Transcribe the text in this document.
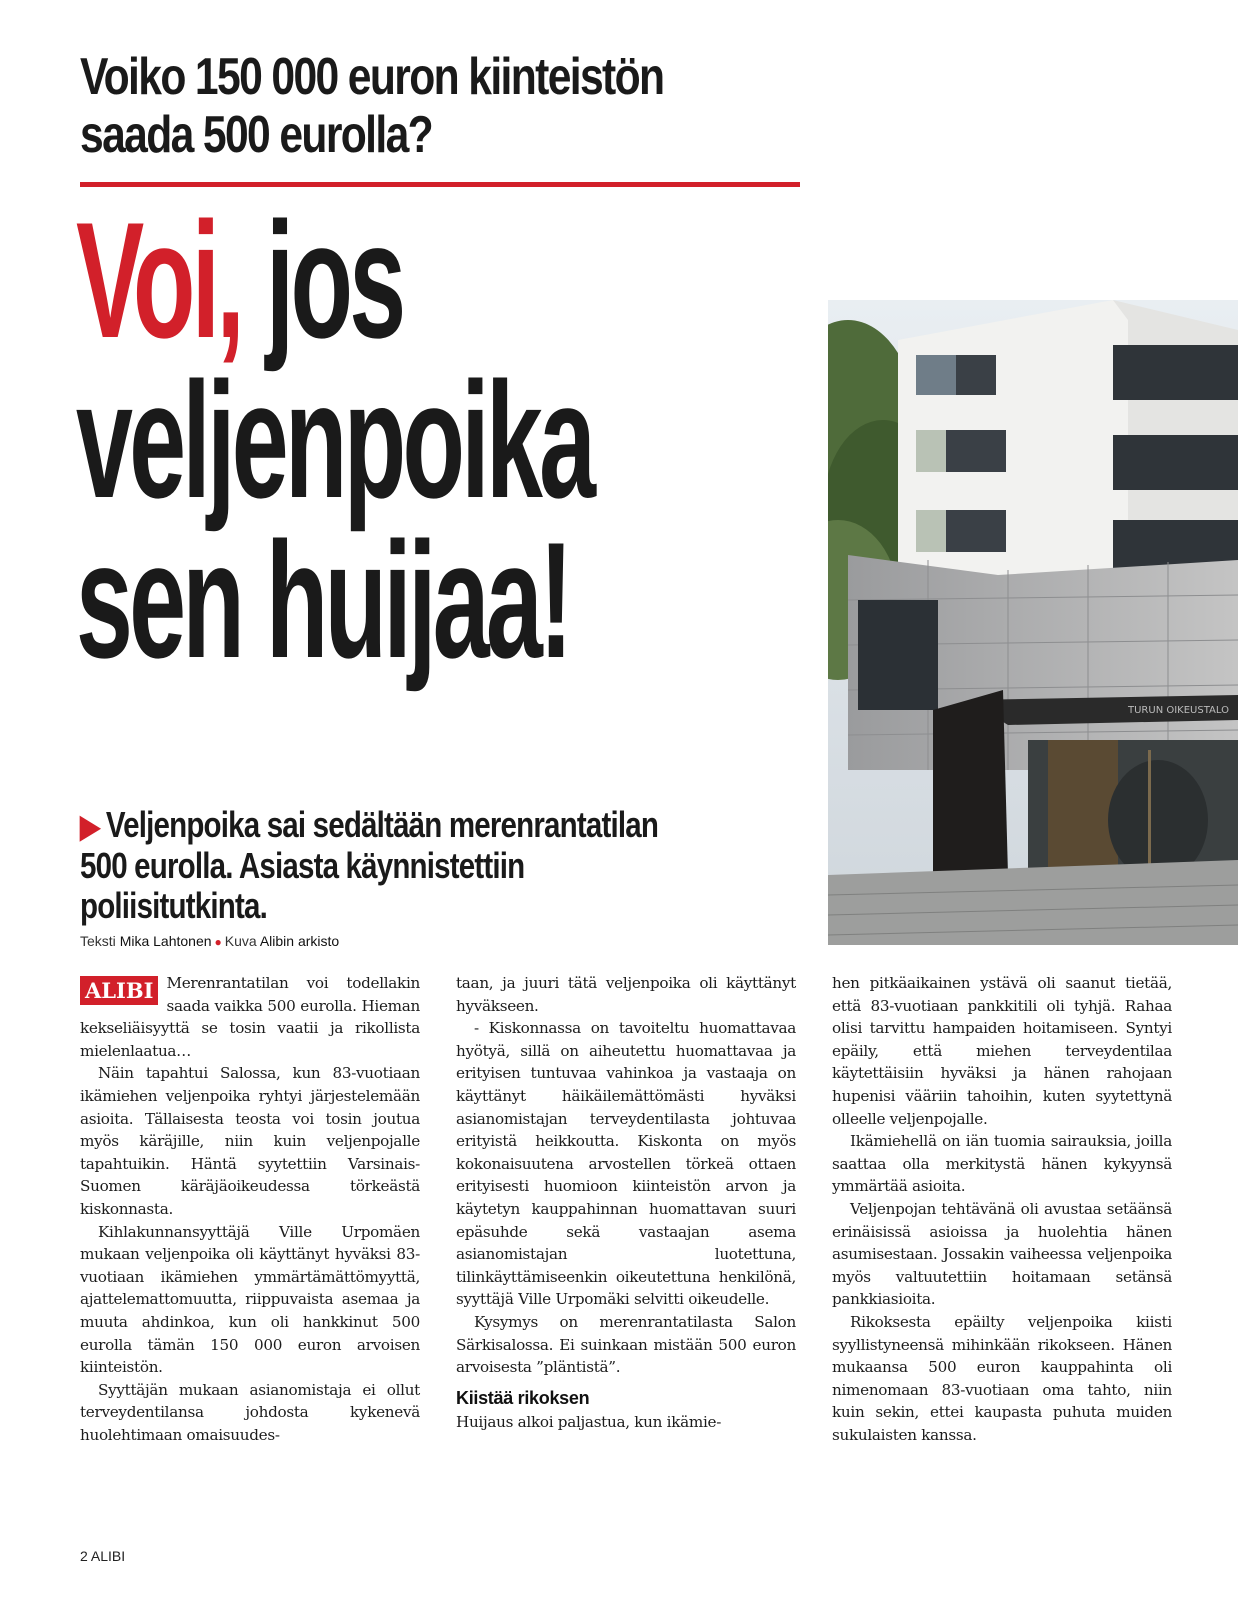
Voiko 150 000 euron kiinteistön
saada 500 eurolla?
Voi, jos
veljenpoika
sen huijaa!
TURUN OIKEUSTALO
▶ Veljenpoika sai sedältään merenrantatilan
500 eurolla. Asiasta käynnistettiin
poliisitutkinta.
Teksti Mika Lahtonen ● Kuva Alibin arkisto

ALIBI Merenrantatilan voi todellakin saada vaikka 500 eurolla. Hieman kekseliäisyyttä se tosin vaatii ja rikollista mielenlaatua…

Näin tapahtui Salossa, kun 83-vuotiaan ikämiehen veljenpoika ryhtyi järjestelemään asioita. Tällaisesta teosta voi tosin joutua myös käräjille, niin kuin veljenpojalle tapahtuikin. Häntä syytettiin Varsinais-Suomen käräjäoikeudessa törkeästä kiskonnasta.

Kihlakunnansyyttäjä Ville Urpomäen mukaan veljenpoika oli käyttänyt hyväksi 83-vuotiaan ikämiehen ymmärtämättömyyttä, ajattelemattomuutta, riippuvaista asemaa ja muuta ahdinkoa, kun oli hankkinut 500 eurolla tämän 150 000 euron arvoisen kiinteistön.

Syyttäjän mukaan asianomistaja ei ollut terveydentilansa johdosta kykenevä huolehtimaan omaisuudes-

taan, ja juuri tätä veljenpoika oli käyttänyt hyväkseen.

- Kiskonnassa on tavoiteltu huomattavaa hyötyä, sillä on aiheutettu huomattavaa ja erityisen tuntuvaa vahinkoa ja vastaaja on käyttänyt häikäilemättömästi hyväksi asianomistajan terveydentilasta johtuvaa erityistä heikkoutta. Kiskonta on myös kokonaisuutena arvostellen törkeä ottaen erityisesti huomioon kiinteistön arvon ja käytetyn kauppahinnan huomattavan suuri epäsuhde sekä vastaajan asema asianomistajan luotettuna, tilinkäyttämiseenkin oikeutettuna henkilönä, syyttäjä Ville Urpomäki selvitti oikeudelle.

Kysymys on merenrantatilasta Salon Särkisalossa. Ei suinkaan mistään 500 euron arvoisesta ”pläntistä”.

Kiistää rikoksen

Huijaus alkoi paljastua, kun ikämie-

hen pitkäaikainen ystävä oli saanut tietää, että 83-vuotiaan pankkitili oli tyhjä. Rahaa olisi tarvittu hampaiden hoitamiseen. Syntyi epäily, että miehen terveydentilaa käytettäisiin hyväksi ja hänen rahojaan hupenisi vääriin tahoihin, kuten syytettynä olleelle veljenpojalle.

Ikämiehellä on iän tuomia sairauksia, joilla saattaa olla merkitystä hänen kykyynsä ymmärtää asioita.

Veljenpojan tehtävänä oli avustaa setäänsä erinäisissä asioissa ja huolehtia hänen asumisestaan. Jossakin vaiheessa veljenpoika myös valtuutettiin hoitamaan setänsä pankkiasioita.

Rikoksesta epäilty veljenpoika kiisti syyllistyneensä mihinkään rikokseen. Hänen mukaansa 500 euron kauppahinta oli nimenomaan 83-vuotiaan oma tahto, niin kuin sekin, ettei kaupasta puhuta muiden sukulaisten kanssa.

2 ALIBI
